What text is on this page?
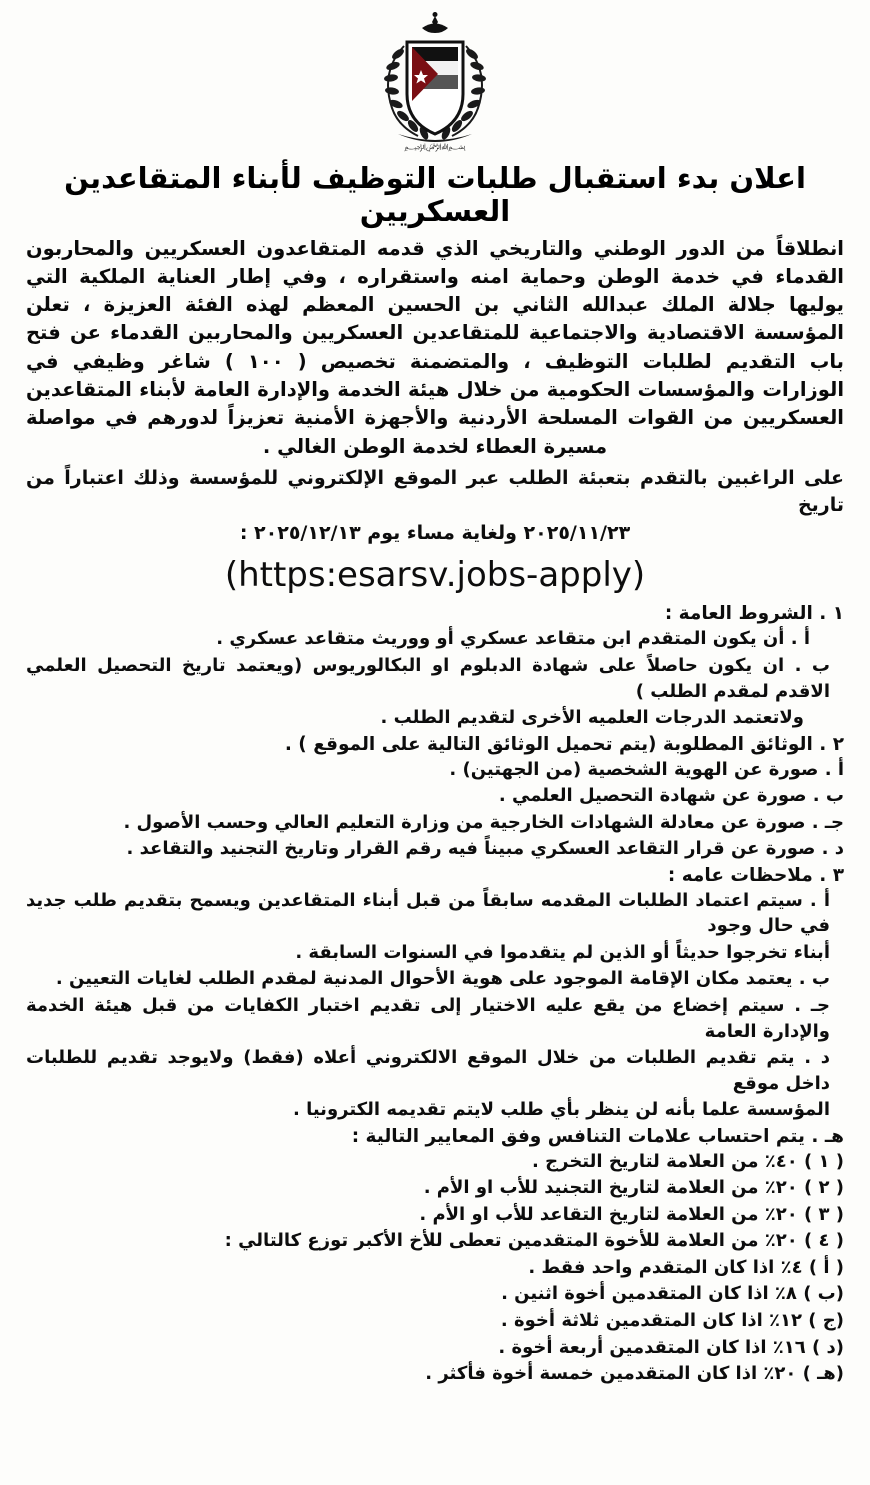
﷽
اعلان بدء استقبال طلبات التوظيف لأبناء المتقاعدين العسكريين

انطلاقاً من الدور الوطني والتاريخي الذي قدمه المتقاعدون العسكريين والمحاربون القدماء في خدمة الوطن وحماية امنه واستقراره ، وفي إطار العناية الملكية التي يوليها جلالة الملك عبدالله الثاني بن الحسين المعظم لهذه الفئة العزيزة ، تعلن المؤسسة الاقتصادية والاجتماعية للمتقاعدين العسكريين والمحاربين القدماء عن فتح باب التقديم لطلبات التوظيف ، والمتضمنة تخصيص ( ١٠٠ ) شاغر وظيفي في الوزارات والمؤسسات الحكومية من خلال هيئة الخدمة والإدارة العامة لأبناء المتقاعدين العسكريين من القوات المسلحة الأردنية والأجهزة الأمنية تعزيزاً لدورهم في مواصلة مسيرة العطاء لخدمة الوطن الغالي .

على الراغبين بالتقدم بتعبئة الطلب عبر الموقع الإلكتروني للمؤسسة وذلك اعتباراً من تاريخ
٢٠٢٥/١١/٢٣ ولغاية مساء يوم ٢٠٢٥/١٢/١٣ :

(https:esarsv.jobs-apply)
١ . الشروط العامة :
أ . أن يكون المتقدم ابن متقاعد عسكري أو ووريث متقاعد عسكري .
ب . ان يكون حاصلاً على شهادة الدبلوم او البكالوريوس (ويعتمد تاريخ التحصيل العلمي الاقدم لمقدم الطلب )
ولاتعتمد الدرجات العلميه الأخرى لتقديم الطلب .
٢ . الوثائق المطلوبة (يتم تحميل الوثائق التالية على الموقع ) .
أ . صورة عن الهوية الشخصية (من الجهتين) .
ب . صورة عن شهادة التحصيل العلمي .
جـ . صورة عن معادلة الشهادات الخارجية من وزارة التعليم العالي وحسب الأصول .
د . صورة عن قرار التقاعد العسكري مبيناً فيه رقم القرار وتاريخ التجنيد والتقاعد .
٣ . ملاحظات عامه :
أ . سيتم اعتماد الطلبات المقدمه سابقاً من قبل أبناء المتقاعدين ويسمح بتقديم طلب جديد في حال وجود
أبناء تخرجوا حديثاً أو الذين لم يتقدموا في السنوات السابقة .
ب . يعتمد مكان الإقامة الموجود على هوية الأحوال المدنية لمقدم الطلب لغايات التعيين .
جـ . سيتم إخضاع من يقع عليه الاختيار إلى تقديم اختبار الكفايات من قبل هيئة الخدمة والإدارة العامة
د . يتم تقديم الطلبات من خلال الموقع الالكتروني أعلاه (فقط) ولايوجد تقديم للطلبات داخل موقع
المؤسسة علما بأنه لن ينظر بأي طلب لايتم تقديمه الكترونيا .
هـ . يتم احتساب علامات التنافس وفق المعايير التالية :
( ١ ) ٤٠٪ من العلامة لتاريخ التخرج .
( ٢ ) ٢٠٪ من العلامة لتاريخ التجنيد للأب او الأم .
( ٣ ) ٢٠٪ من العلامة لتاريخ التقاعد للأب او الأم .
( ٤ ) ٢٠٪ من العلامة للأخوة المتقدمين تعطى للأخ الأكبر توزع كالتالي :
( أ ) ٤٪ اذا كان المتقدم واحد فقط .
(ب ) ٨٪ اذا كان المتقدمين أخوة اثنين .
(ج ) ١٢٪ اذا كان المتقدمين ثلاثة أخوة .
(د ) ١٦٪ اذا كان المتقدمين أربعة أخوة .
(هـ ) ٢٠٪ اذا كان المتقدمين خمسة أخوة فأكثر .
